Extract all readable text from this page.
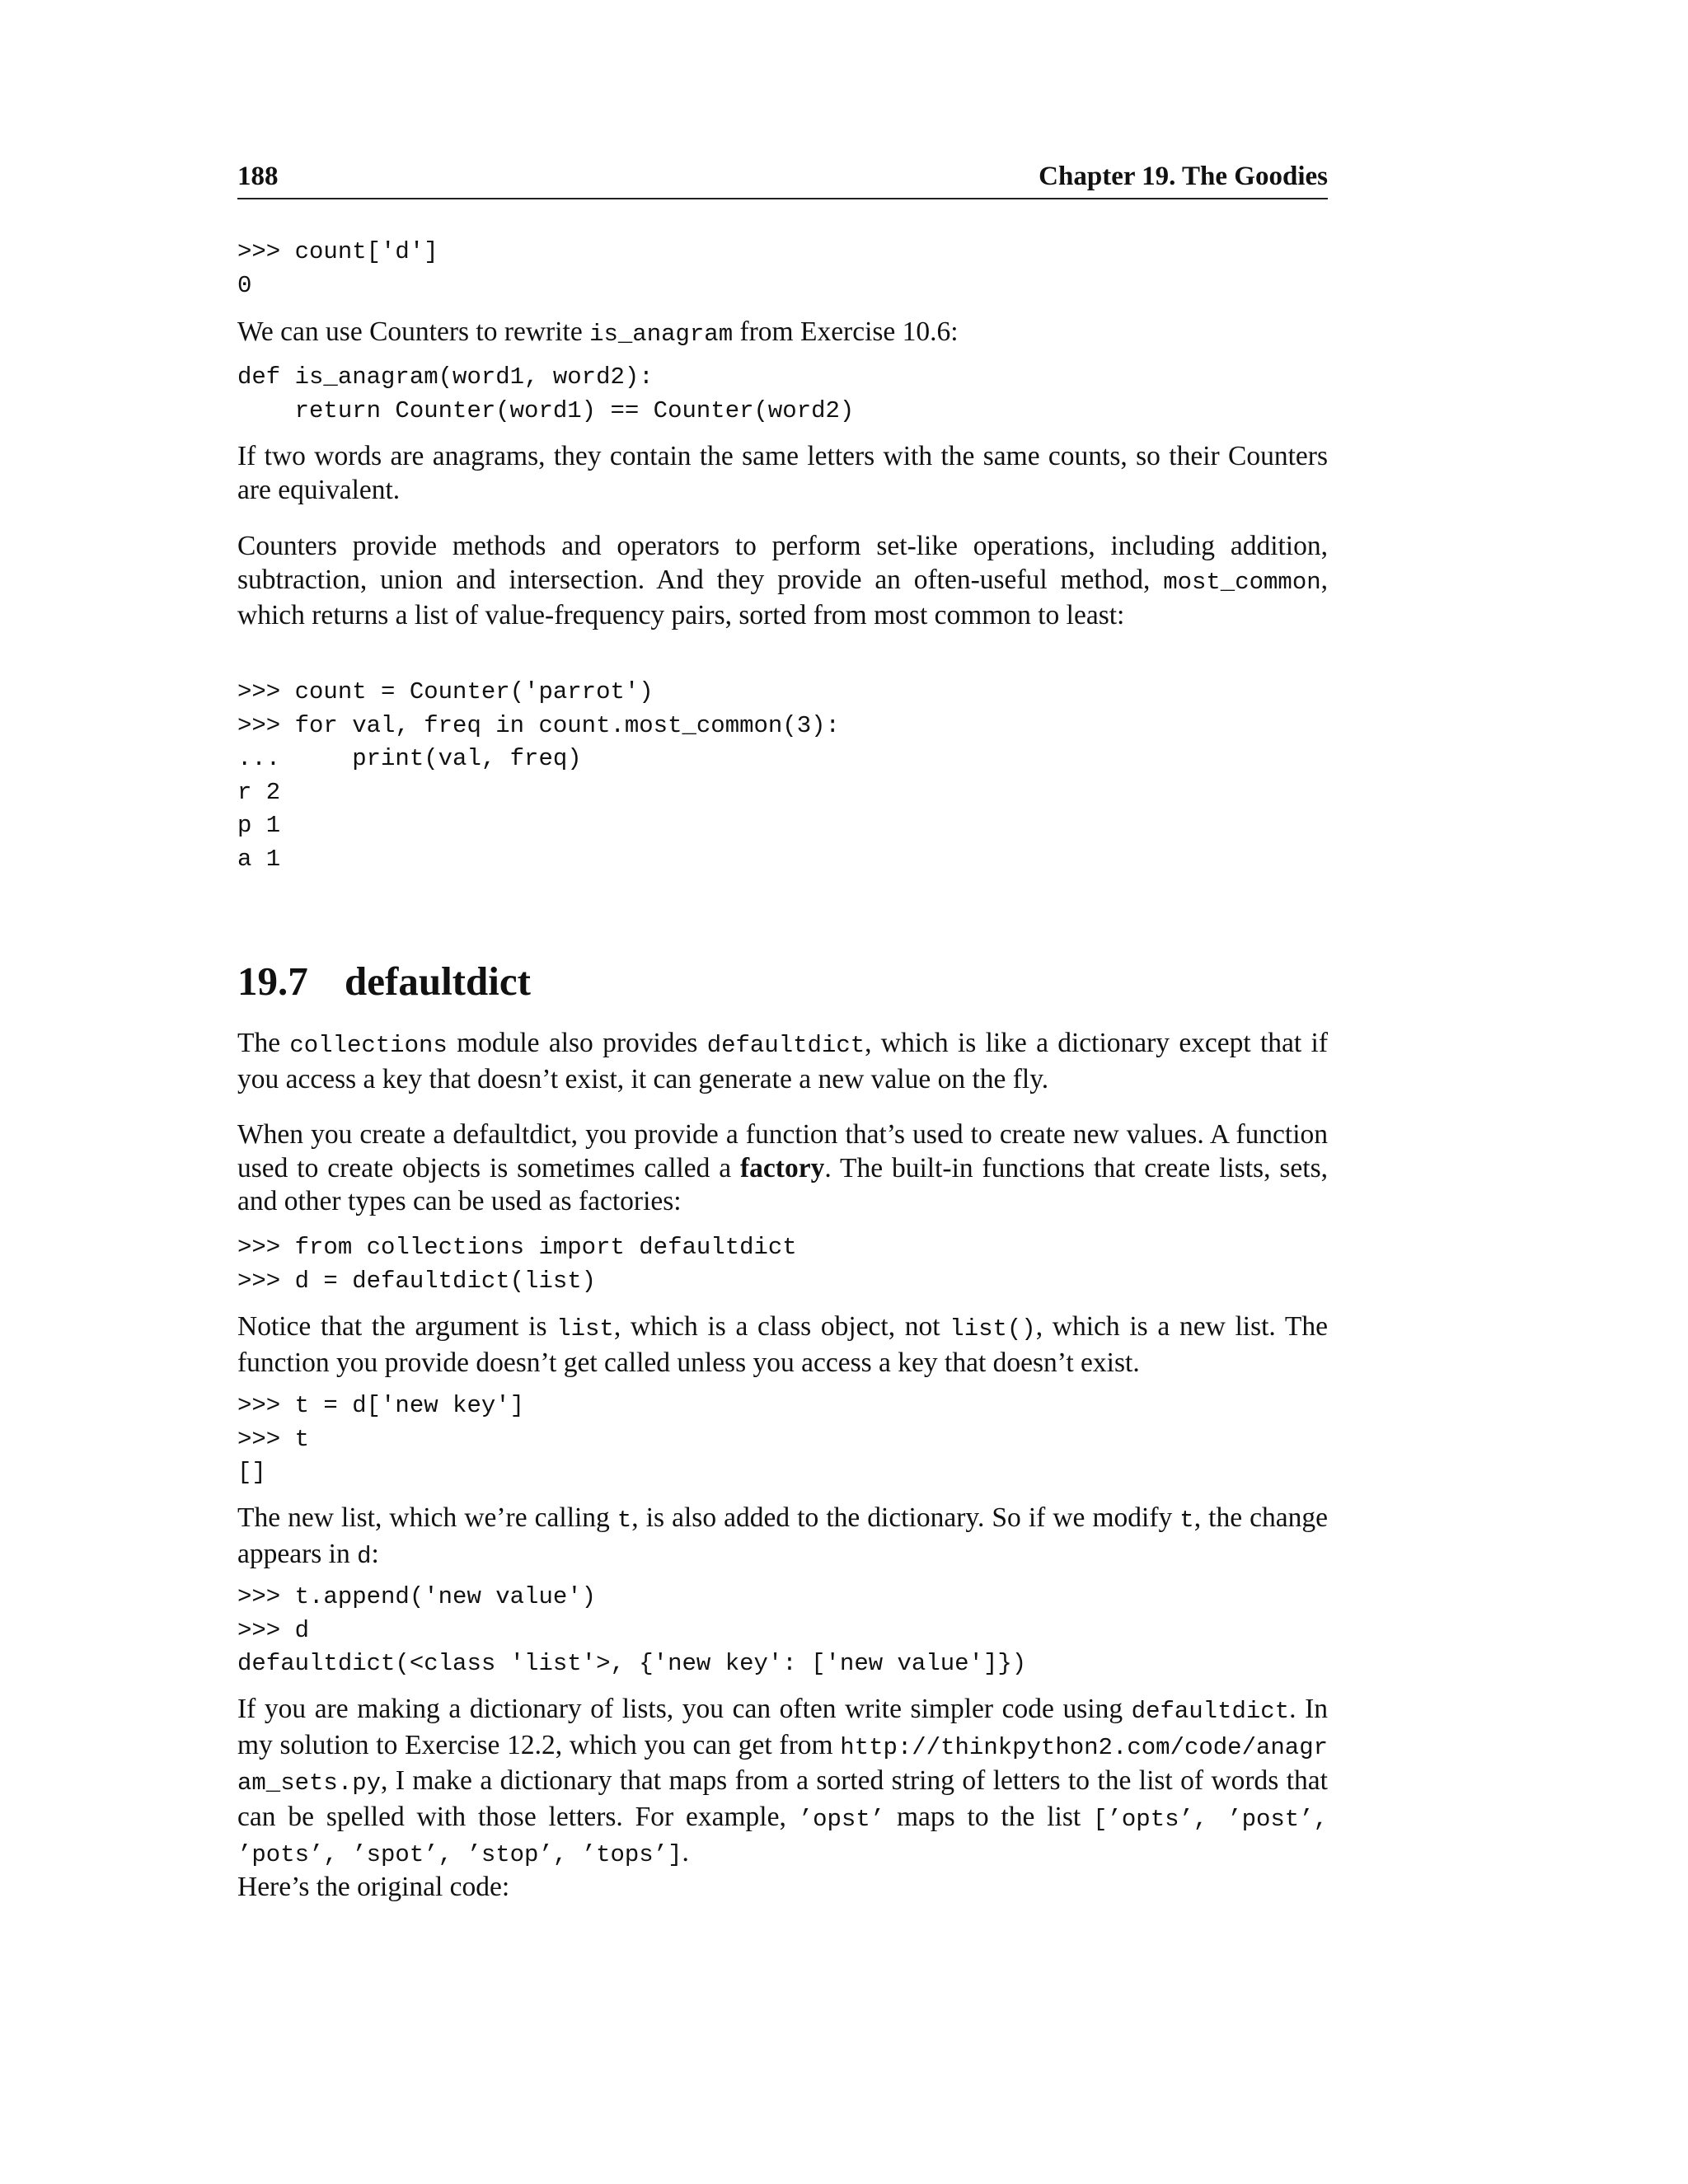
188	Chapter 19. The Goodies
>>> count['d']
0

We can use Counters to rewrite is_anagram from Exercise 10.6:

def is_anagram(word1, word2):
return Counter(word1) == Counter(word2)

If two words are anagrams, they contain the same letters with the same counts, so their Counters are equivalent.

Counters provide methods and operators to perform set-like operations, including addition, subtraction, union and intersection. And they provide an often-useful method, most_common, which returns a list of value-frequency pairs, sorted from most common to least:

>>> count = Counter('parrot')
>>> for val, freq in count.most_common(3):
...     print(val, freq)
r 2
p 1
a 1
19.7 defaultdict

The collections module also provides defaultdict, which is like a dictionary except that if you access a key that doesn’t exist, it can generate a new value on the fly.

When you create a defaultdict, you provide a function that’s used to create new values. A function used to create objects is sometimes called a factory. The built-in functions that create lists, sets, and other types can be used as factories:

>>> from collections import defaultdict
>>> d = defaultdict(list)

Notice that the argument is list, which is a class object, not list(), which is a new list. The function you provide doesn’t get called unless you access a key that doesn’t exist.

>>> t = d['new key']
>>> t
[]

The new list, which we’re calling t, is also added to the dictionary. So if we modify t, the change appears in d:

>>> t.append('new value')
>>> d
defaultdict(<class 'list'>, {'new key': ['new value']})

If you are making a dictionary of lists, you can often write simpler code using defaultdict. In my solution to Exercise 12.2, which you can get from http://thinkpython2.com/code/anagram_sets.py, I make a dictionary that maps from a sorted string of letters to the list of words that can be spelled with those letters. For example, ’opst’ maps to the list [’opts’, ’post’, ’pots’, ’spot’, ’stop’, ’tops’].

Here’s the original code:
